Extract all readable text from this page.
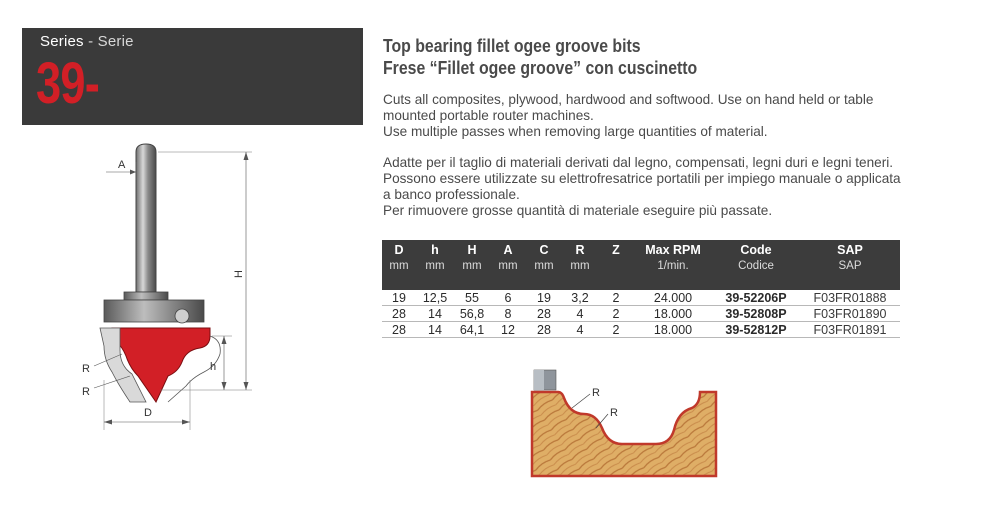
Series - Serie
39-
Top bearing fillet ogee groove bits
Frese “Fillet ogee groove” con cuscinetto

Cuts all composites, plywood, hardwood and softwood. Use on hand held or table mounted portable router machines.

Use multiple passes when removing large quantities of material.

Adatte per il taglio di materiali derivati dal legno, compensati, legni duri e legni teneri. Possono essere utilizzate su elettrofresatrice portatili per impiego manuale o applicata a banco professionale.

Per rimuovere grosse quantità di materiale eseguire più passate.

D	h	H	A	C	R	Z	Max RPM	Code	SAP
mm	mm	mm	mm	mm	mm		1/min.	Codice	SAP
19	12,5	55	6	19	3,2	2	24.000	39-52206P	F03FR01888
28	14	56,8	8	28	4	2	18.000	39-52808P	F03FR01890
28	14	64,1	12	28	4	2	18.000	39-52812P	F03FR01891
A
H
h
R
R
D
R
R
